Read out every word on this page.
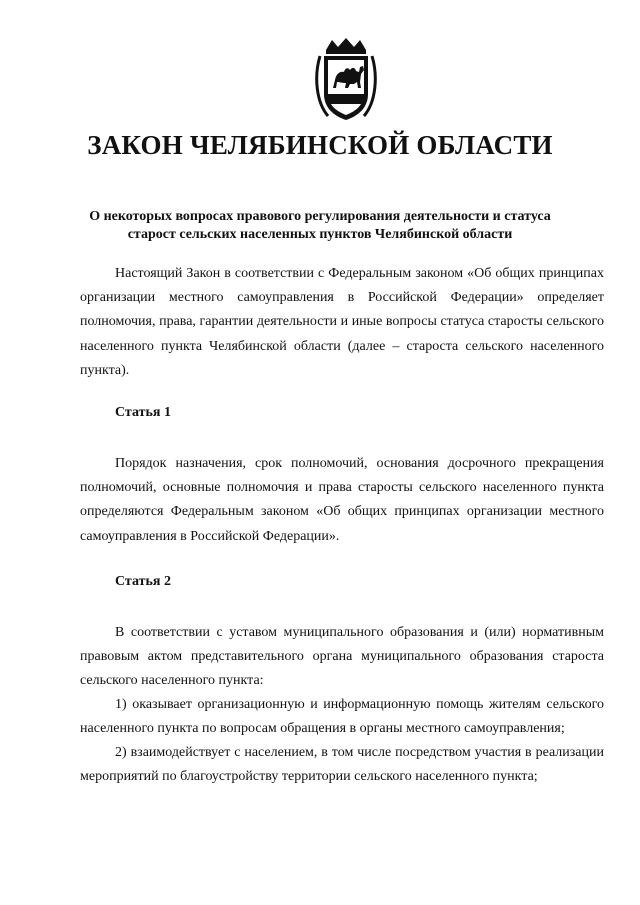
ЗАКОН ЧЕЛЯБИНСКОЙ ОБЛАСТИ

О некоторых вопросах правового регулирования деятельности и статуса
старост сельских населенных пунктов Челябинской области

Настоящий Закон в соответствии с Федеральным законом «Об общих принципах организации местного самоуправления в Российской Федерации» определяет полномочия, права, гарантии деятельности и иные вопросы статуса старосты сельского населенного пункта Челябинской области (далее – староста сельского населенного пункта).

Статья 1

Порядок назначения, срок полномочий, основания досрочного прекращения полномочий, основные полномочия и права старосты сельского населенного пункта определяются Федеральным законом «Об общих принципах организации местного самоуправления в Российской Федерации».

Статья 2

В соответствии с уставом муниципального образования и (или) нормативным правовым актом представительного органа муниципального образования староста сельского населенного пункта:

1) оказывает организационную и информационную помощь жителям сельского населенного пункта по вопросам обращения в органы местного самоуправления;

2) взаимодействует с населением, в том числе посредством участия в реализации мероприятий по благоустройству территории сельского населенного пункта;
